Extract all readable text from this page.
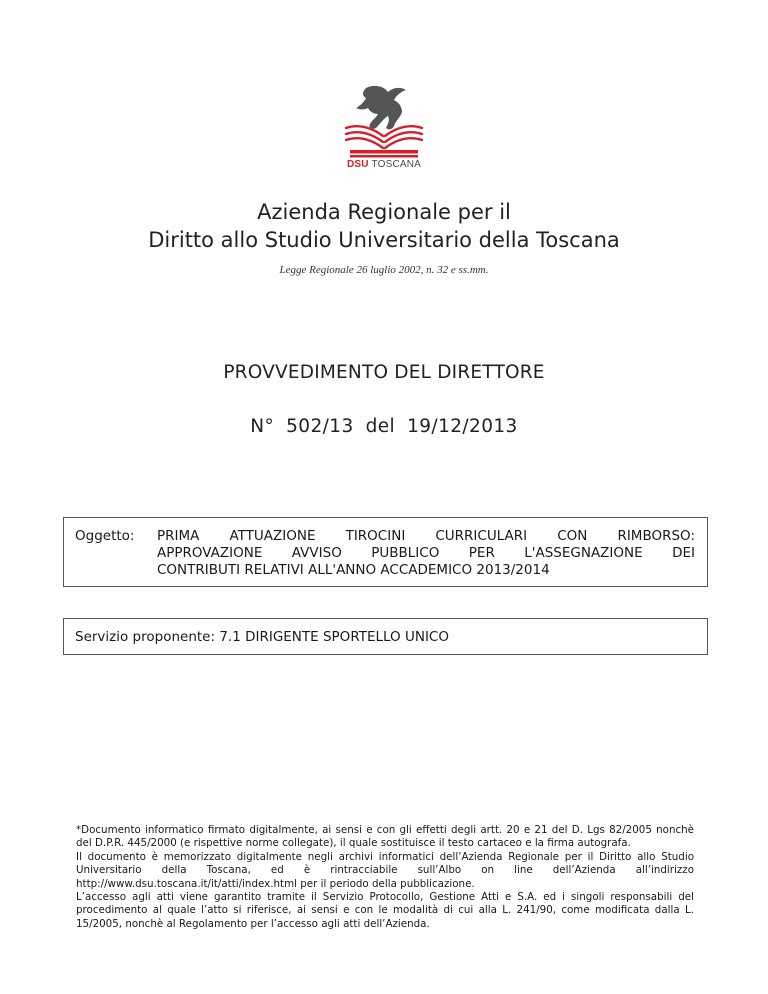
DSU TOSCANA
Azienda Regionale per il
Diritto allo Studio Universitario della Toscana
Legge Regionale 26 luglio 2002, n. 32 e ss.mm.
PROVVEDIMENTO DEL DIRETTORE
N° 502/13 del 19/12/2013
Oggetto: PRIMA ATTUAZIONE TIROCINI CURRICULARI CON RIMBORSO:
APPROVAZIONE AVVISO PUBBLICO PER L'ASSEGNAZIONE DEI
CONTRIBUTI RELATIVI ALL'ANNO ACCADEMICO 2013/2014
Servizio proponente: 7.1 DIRIGENTE SPORTELLO UNICO

*Documento informatico firmato digitalmente, ai sensi e con gli effetti degli artt. 20 e 21 del D. Lgs 82/2005 nonchè del D.P.R. 445/2000 (e rispettive norme collegate), il quale sostituisce il testo cartaceo e la firma autografa.

Il documento è memorizzato digitalmente negli archivi informatici dell’Azienda Regionale per il Diritto allo Studio Universitario della Toscana, ed è rintracciabile sull’Albo on line dell’Azienda all’indirizzo http://www.dsu.toscana.it/it/atti/index.html per il periodo della pubblicazione.

L’accesso agli atti viene garantito tramite il Servizio Protocollo, Gestione Atti e S.A. ed i singoli responsabili del procedimento al quale l’atto si riferisce, ai sensi e con le modalità di cui alla L. 241/90, come modificata dalla L. 15/2005, nonchè al Regolamento per l’accesso agli atti dell’Azienda.
